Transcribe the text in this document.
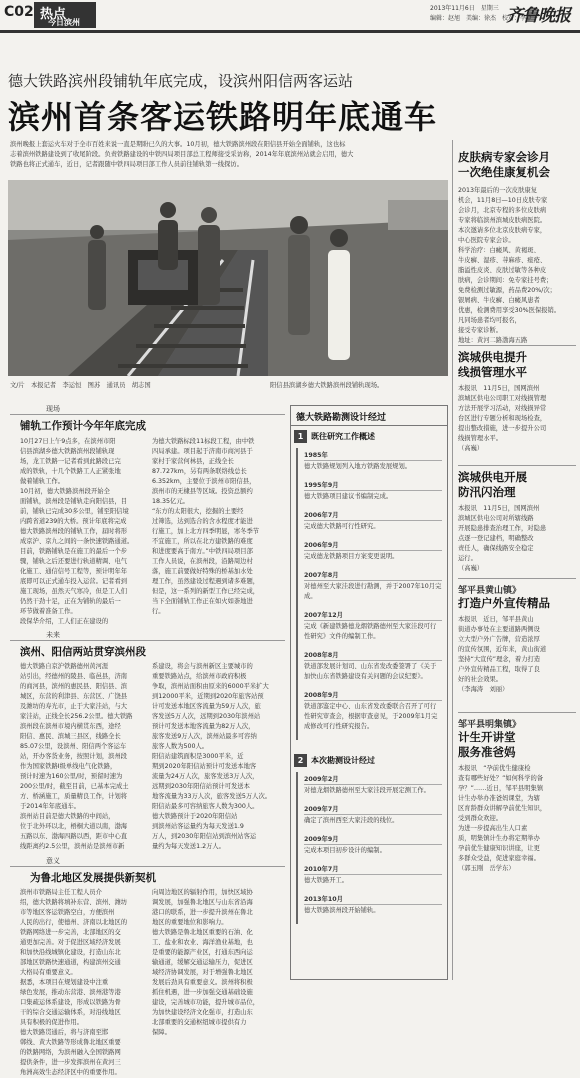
C02 热点
今日滨州
2013年11月6日　星期三
编辑：赵旭　美编：徐杰　校对：李卓
齐鲁晚报
德大铁路滨州段铺轨年底完成，设滨州阳信两客运站
滨州首条客运铁路明年底通车
滨州晚报上套运火车对于全市百姓来说一直是期盼已久的大事。10月初，德大铁路滨州段在阳信县开始全面铺轨，这也标
志着滨州铁路建设到了收尾阶段。负责铁路建设的中铁四局项目部总工程师接受采访称，2014年年底滨州站就会启用，德大
铁路也将正式通车，近日，记者跟随中铁四局项目部工作人员前往铺轨第一线探访。
文/片　本报记者　李运恒　图苏　通讯员　胡志国	阳信县滨湖乡德大铁路滨州段铺轨现场。
现场
铺轨工作预计今年年底完成
10月27日上午9点多，在滨州市阳
信县滨湖乡德大铁路滨州段铺轨现
场，龙工铁路一记者看到此路段已完
成的铁轨，十几个铁路工人正紧张地
做着铺轨工作。
10月初，德大铁路滨州段开始全
面铺轨，滨州段是铺轨走向阳信县，目
前，铺轨已完成30多公里，铺至阳信境
内跨省道239的大桥。预计年底将完成
德大铁路滨州段的铺轨工作，届时将形
成京沪、京九之间的一条快速铁路通道。
目前，铁路铺轨是在施工的最后一个步
骤，铺轨之后还要进行轨道精调、电气
化施工、通信信号工程等，预计明年年
底即可以正式通车投入运营。记者看到
施工现场，虽然天气寒冷，但是工人们
仍然干劲十足，正在为铺轨的最后一
环节做着准备工作。
段保华介绍，工人们正在建设的
为德大铁路标段11标段工程，由中铁
四局承建。项目起于济南市商河县于
家村于家营何林县，正线全长
87.727km，另有两条联络线总长
6.352km，主要位于滨州市阳信县，
滨州市的无棣县等区域。投资总额约
18.35亿元。
“东方的太阳很大，挖掘的土要经
过筛选，达到选合的含水程度才能进
行施工，加上北方四季明显，寒冬季节
不宜施工，所以在北方建铁路的难度
和进度要高于南方。”中铁四局项目部
工作人员说，在滨州段，沿路周边村
落，施工前要做好特殊的桥基加水处
理工作，虽然建设过程遇到诸多难题，
但是，这一系列的新型工作已经完成，
当下全面铺轨工作正在如火如荼地进
行。
未来
滨州、阳信两站贯穿滨州段
德大铁路自京沪铁路德州黄河涯
站引出，经德州的陵县、临邑县，济南
的商河县，滨州的惠民县、阳信县、滨
城区，东营的利津县、东营区、广饶县
及潍坊的寿光市，止于大家洼站，与大
家洼站，正线全长256.2公里。德大铁路
滨州段在滨州市境内横贯东西，途经
阳信、惠民、滨城三县区，线路全长
85.07公里，设滨州、阳信两个客运车
站，开办客货业务，按照计划，滨州段
作为国家铁路Ⅰ级单线电气化铁路，
预计时速为160公里/时，预留时速为
200公里/时，截至目前，已基本完成土
方、桥涵施工，质量精良工作，计划将
于2014年年底通车。
滨州站目前是德大铁路的中间站，
位于北外环以北，梧桐大道以南，渤海
五路以东、渤海四路以西，距市中心直
线距离约2.5公里，滨州站是滨州市新
系建设，将会与滨州新区主要城市的
重要铁路站点，给滨州市政府积极
争取，滨州站面积由原来的6000平米扩大
到12000平米，近期到2020年旅客站预
计可发送本地区客流量为59万人次，旅
客发送5万人次，远期到2030年滨州站
预计可发送本地客流量为82万人次，
旅客发送9万人次，滨州站最多可容纳
旅客人数为500人。
阳信站建筑面积是3000平米，近
期到2020年阳信站预计可发送本地客
流量为24万人次，旅客发送3万人次，
远期到2030年阳信站预计可发送本
地客流量为33万人次，旅客发送5万人次。
阳信站最多可容纳旅客人数为300人。
德大铁路预计于2020年阳信站
到滨州站客运量约为每天发送1.9
万人，到2030年阳信站到滨州站客运
量约为每天发送1.2万人。
意义
为鲁北地区发展提供新契机
滨州市铁路局主任工程人员介
绍，德大铁路将填补东营、滨州、潍坊
市等地区客运铁路空白，方便滨州
人民的出行，使德州、济南以北地区的
铁路网络进一步完善，北部地区的交
通更加完善。对于促进区域经济发展
和加快沿线城镇化建设，打造山东北
部地区铁路快速通道，构建滨州交通
大格局有重要意义。
据悉，本项目在规划建设中注重
绿色发展，推动东营港、滨州港等港
口集疏运体系建设，形成以铁路为骨
干的综合交通运输体系，对沿线地区
具有积极的促进作用。
德大铁路贯通后，将与济南至邯
郸线、黄大铁路等形成鲁北地区重要
的铁路网络，为滨州融入全国铁路网
提供条件，进一步发挥滨州在黄河三
角洲高效生态经济区中的重要作用。
向周边地区的辐射作用，加快区域协
调发展，加强鲁北地区与山东省沿海
港口的联系，进一步提升滨州在鲁北
地区的重要地位和影响力。
德大铁路是鲁北地区重要的石油、化
工、盐业和农业、海洋渔业基地，也
是重要的能源产业区，打通东西向运
输通道，缓解交通运输压力，促进区
域经济协调发展，对于增强鲁北地区
发展后劲具有重要意义。滨州将积极
抓住机遇，进一步加强交通基础设施
建设，完善城市功能，提升城市品位，
为加快建设经济文化强市，打造山东
北部重要的交通枢纽城市提供有力
保障。
德大铁路勘测设计经过
1 既往研究工作概述
1985年
德大铁路规划列入地方铁路发展规划。
1995年9月
德大铁路项目建议书编制完成。
2006年7月
完成德大铁路可行性研究。
2006年9月
完成德龙铁路项目方案变更说明。
2007年8月
对德州至大家洼段进行勘测，并于2007年10月完成。
2007年12月
完成《新建铁路德龙烟铁路德州至大家洼段可行性研究》文件的编制工作。
2008年8月
铁道部发展计划司、山东省发改委签署了《关于加快山东省铁路建设有关问题的会议纪要》。
2008年9月
铁道部鉴定中心、山东省发改委联合召开了可行性研究审查会，根据审查意见，于2009年1月完成修改可行性研究报告。
2 本次勘测设计经过
2009年2月
对德龙烟铁路德州至大家洼段开展定测工作。
2009年7月
确定了滨州西至大家洼段的线位。
2009年9月
完成本项目初步设计的编制。
2010年7月
德大铁路开工。
2013年10月
德大铁路滨州段开始铺轨。
皮肤病专家会诊月
一次绝佳康复机会
2013年最后的一次皮肤康复
机会，11月8日—10日皮肤专家
会诊月，北京专程的多位皮肤病
专家将临滨州滨城皮肤病医院。
本次邀请多位北京皮肤病专家，
中心医院专家会诊。
科学治疗：白癜风、黄褐斑、
牛皮癣、湿疹、荨麻疹、痤疮、
脂溢性皮炎、皮肤过敏等各种皮
肤病，会诊期间：免专家挂号费；
免费检测过敏源，药品费20%/次；
银屑病、牛皮癣、白癜风患者
优惠，检测费用享受30%医保报销。
凡同场患者均可报名，
接受专家诊断。
地址：黄河二路渤海五路
滨城供电提升
线损管理水平
本报讯　11月5日，国网滨州
滨城区供电公司职工对线损管理
方法开展学习活动，对线损异常
台区进行专题分析和现场检查，
提出整改措施，进一步提升公司
线损管理水平。
（高巍）
滨城供电开展
防汛闪治理
本报讯　11月5日，国网滨州
滨城区供电公司对所辖线路
开展隐患排查治理工作，对隐患
点逐一登记建档，明确整改
责任人，确保线路安全稳定
运行。
（高巍）
邹平县黄山镇》
打造户外宣传精品
本报讯　近日，邹平县黄山
街道办事处在主要道路两侧设
立大型户外广告牌，营造浓厚
的宣传氛围，近年来，黄山街道
坚持“大宣传”理念，着力打造
户外宣传精品工程，取得了良
好的社会效果。
（李海涛　刘丽）
邹平县明集镇》
计生开讲堂
服务准爸妈
本报讯　“孕前优生健康检
查有哪些好处？”如何科学的备
孕？”……近日，邹平县明集镇
计生办举办准爸妈课堂，为辖
区育龄群众讲解孕前优生知识，
受到群众欢迎。
为进一步提高出生人口素
质，明集镇计生办将定期举办
孕前优生健康知识讲座，让更
多群众受益，促进家庭幸福。
（郭玉刚　岳学东）
